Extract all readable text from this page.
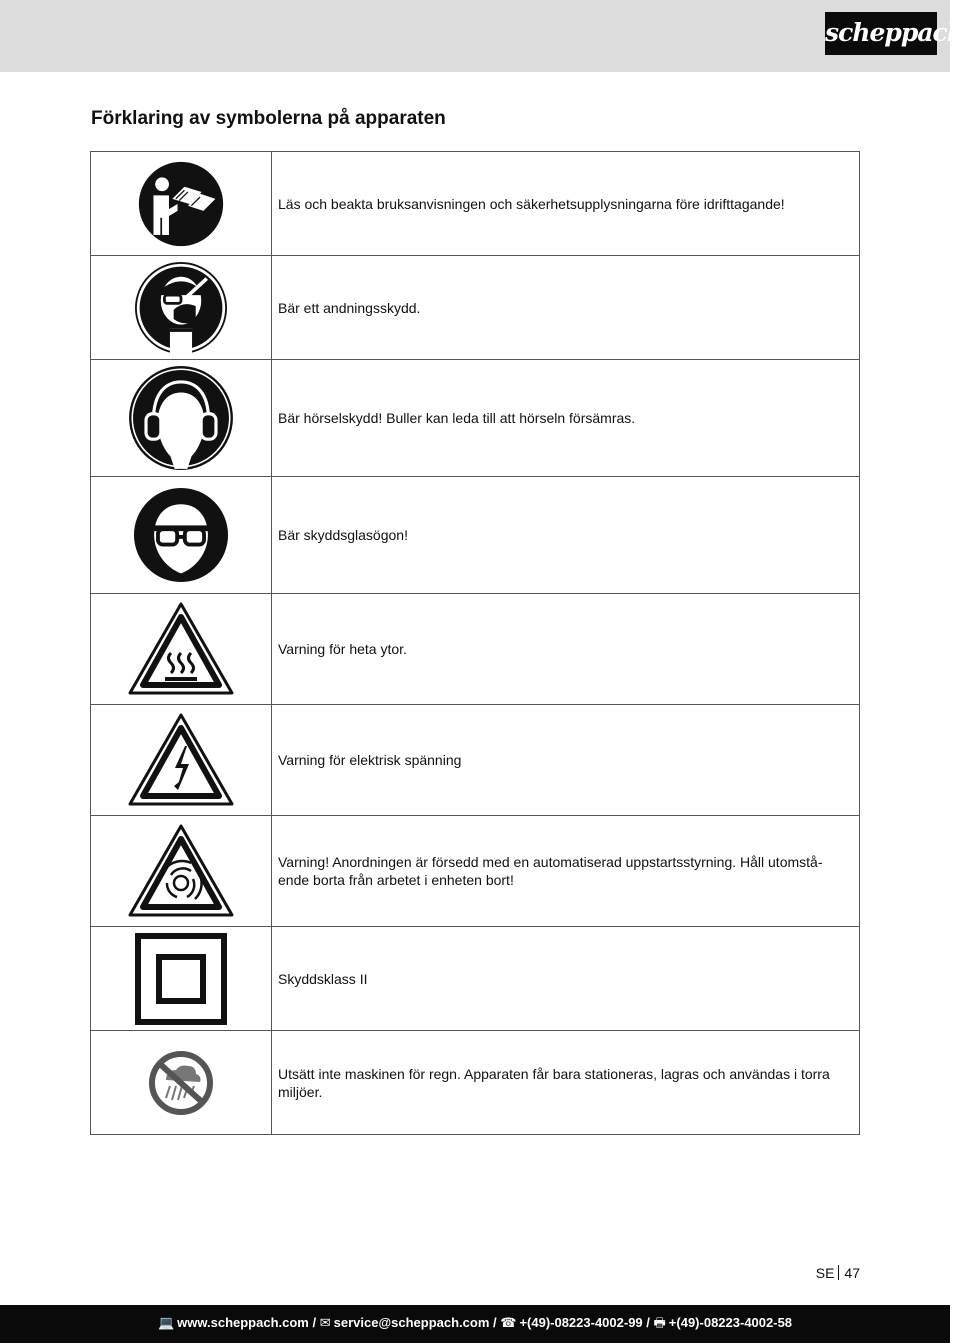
scheppach
Förklaring av symbolerna på apparaten
	Läs och beakta bruksanvisningen och säkerhetsupplysningarna före idrifttagande!

	Bär ett andningsskydd.

	Bär hörselskydd! Buller kan leda till att hörseln försämras.

	Bär skyddsglasögon!

	Varning för heta ytor.

	Varning för elektrisk spänning

	Varning! Anordningen är försedd med en automatiserad uppstartsstyrning. Håll utomstå-ende borta från arbetet i enheten bort!

	Skyddsklass II

	Utsätt inte maskinen för regn. Apparaten får bara stationeras, lagras och användas i torra miljöer.
SE 47
💻 www.scheppach.com / ✉ service@scheppach.com / ☎ +(49)-08223-4002-99 / 🖶 +(49)-08223-4002-58
